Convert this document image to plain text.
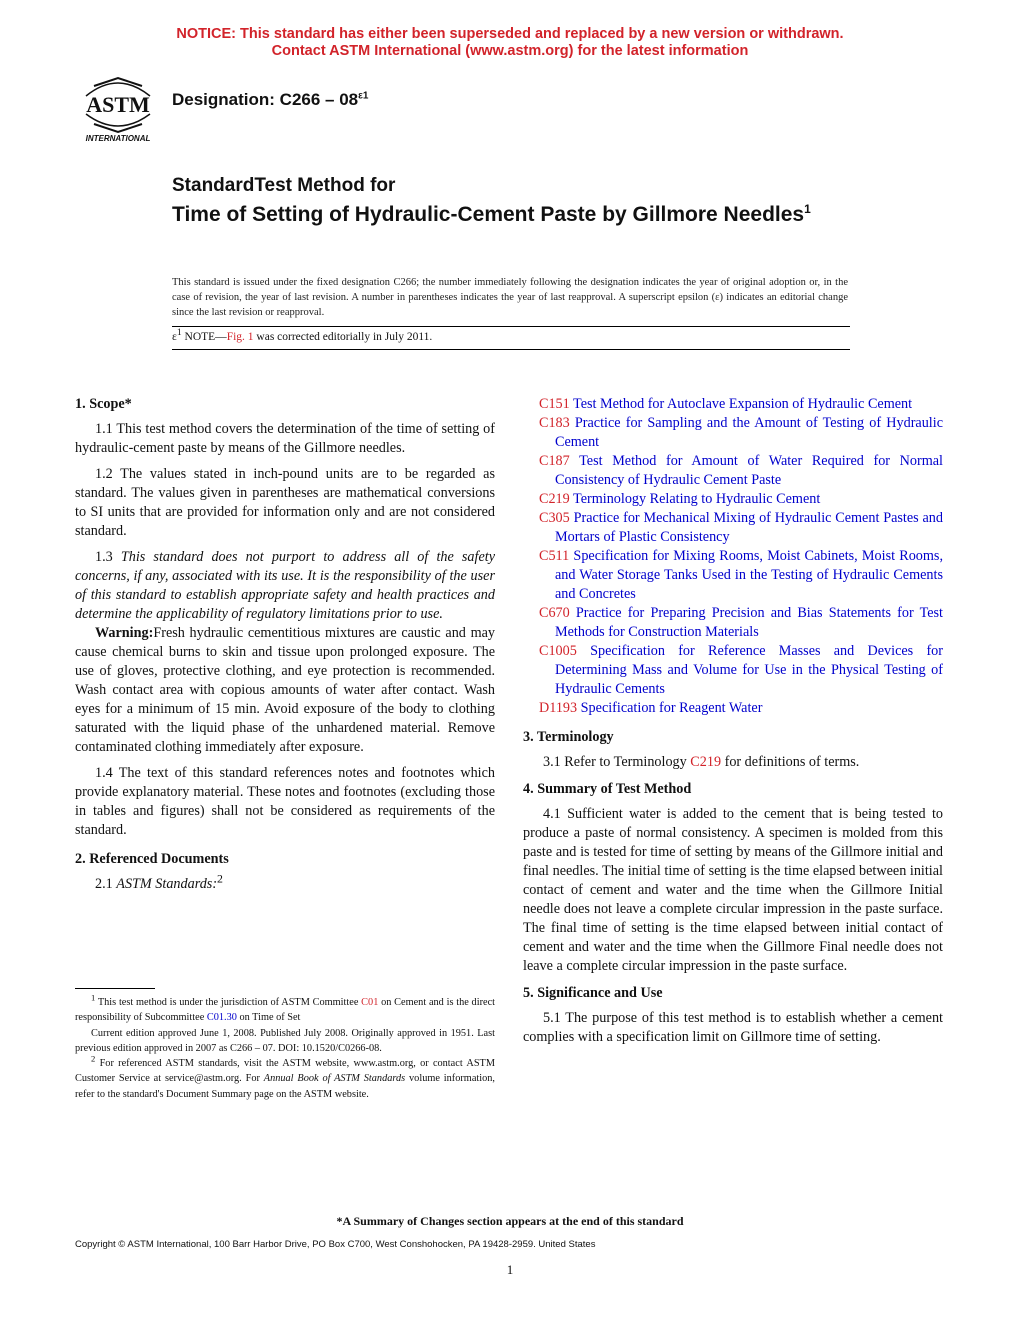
NOTICE: This standard has either been superseded and replaced by a new version or withdrawn.
Contact ASTM International (www.astm.org) for the latest information
ASTM
INTERNATIONAL
Designation: $C266 - 08^{\varepsilon 1}$
StandardTest Method for
Time of Setting of Hydraulic-Cement Paste by Gillmore Needles$^1$
This standard is issued under the fixed designation C266; the number immediately following the designation indicates the year of original adoption or, in the case of revision, the year of last revision. A number in parentheses indicates the year of last reapproval. A superscript epsilon (ε) indicates an editorial change since the last revision or reapproval.
$\varepsilon^1$ NOTE—Fig. 1 was corrected editorially in July 2011.

1. Scope*

1.1 This test method covers the determination of the time of setting of hydraulic-cement paste by means of the Gillmore needles.

1.2 The values stated in inch-pound units are to be regarded as standard. The values given in parentheses are mathematical conversions to SI units that are provided for information only and are not considered standard.

1.3 This standard does not purport to address all of the safety concerns, if any, associated with its use. It is the responsibility of the user of this standard to establish appropriate safety and health practices and determine the applicability of regulatory limitations prior to use.

Warning:Fresh hydraulic cementitious mixtures are caustic and may cause chemical burns to skin and tissue upon prolonged exposure. The use of gloves, protective clothing, and eye protection is recommended. Wash contact area with copious amounts of water after contact. Wash eyes for a minimum of 15 min. Avoid exposure of the body to clothing saturated with the liquid phase of the unhardened material. Remove contaminated clothing immediately after exposure.

1.4 The text of this standard references notes and footnotes which provide explanatory material. These notes and footnotes (excluding those in tables and figures) shall not be considered as requirements of the standard.

2. Referenced Documents

2.1 ASTM Standards:$^2$

C151 Test Method for Autoclave Expansion of Hydraulic Cement

C183 Practice for Sampling and the Amount of Testing of Hydraulic Cement

C187 Test Method for Amount of Water Required for Normal Consistency of Hydraulic Cement Paste

C219 Terminology Relating to Hydraulic Cement

C305 Practice for Mechanical Mixing of Hydraulic Cement Pastes and Mortars of Plastic Consistency

C511 Specification for Mixing Rooms, Moist Cabinets, Moist Rooms, and Water Storage Tanks Used in the Testing of Hydraulic Cements and Concretes

C670 Practice for Preparing Precision and Bias Statements for Test Methods for Construction Materials

C1005 Specification for Reference Masses and Devices for Determining Mass and Volume for Use in the Physical Testing of Hydraulic Cements

D1193 Specification for Reagent Water

3. Terminology

3.1 Refer to Terminology C219 for definitions of terms.

4. Summary of Test Method

4.1 Sufficient water is added to the cement that is being tested to produce a paste of normal consistency. A specimen is molded from this paste and is tested for time of setting by means of the Gillmore initial and final needles. The initial time of setting is the time elapsed between initial contact of cement and water and the time when the Gillmore Initial needle does not leave a complete circular impression in the paste surface. The final time of setting is the time elapsed between initial contact of cement and water and the time when the Gillmore Final needle does not leave a complete circular impression in the paste surface.

5. Significance and Use

5.1 The purpose of this test method is to establish whether a cement complies with a specification limit on Gillmore time of setting.

$^1$ This test method is under the jurisdiction of ASTM Committee C01 on Cement and is the direct responsibility of Subcommittee C01.30 on Time of Set

Current edition approved June 1, 2008. Published July 2008. Originally approved in 1951. Last previous edition approved in 2007 as C266 – 07. DOI: 10.1520/C0266-08.

$^2$ For referenced ASTM standards, visit the ASTM website, www.astm.org, or contact ASTM Customer Service at service@astm.org. For Annual Book of ASTM Standards volume information, refer to the standard's Document Summary page on the ASTM website.

*A Summary of Changes section appears at the end of this standard
Copyright © ASTM International, 100 Barr Harbor Drive, PO Box C700, West Conshohocken, PA 19428-2959. United States
1
